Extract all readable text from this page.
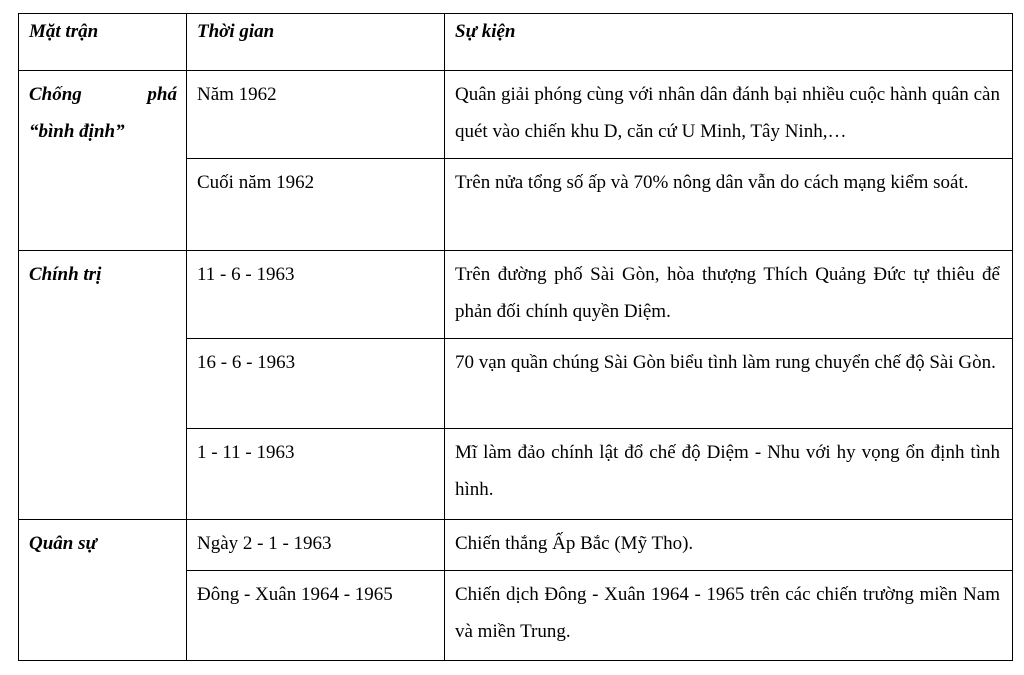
Mặt trận	Thời gian	Sự kiện

Chống phá
“bình định”	Năm 1962	Quân giải phóng cùng với nhân dân đánh bại nhiều cuộc hành quân càn quét vào chiến khu D, căn cứ U Minh, Tây Ninh,…
	Cuối năm 1962	Trên nửa tổng số ấp và 70% nông dân vẫn do cách mạng kiểm soát.
Chính trị	11 - 6 - 1963	Trên đường phố Sài Gòn, hòa thượng Thích Quảng Đức tự thiêu để phản đối chính quyền Diệm.
	16 - 6 - 1963	70 vạn quần chúng Sài Gòn biểu tình làm rung chuyển chế độ Sài Gòn.
	1 - 11 - 1963	Mĩ làm đảo chính lật đổ chế độ Diệm - Nhu với hy vọng ổn định tình hình.
Quân sự	Ngày 2 - 1 - 1963	Chiến thắng Ấp Bắc (Mỹ Tho).
	Đông - Xuân 1964 - 1965	Chiến dịch Đông - Xuân 1964 - 1965 trên các chiến trường miền Nam và miền Trung.
